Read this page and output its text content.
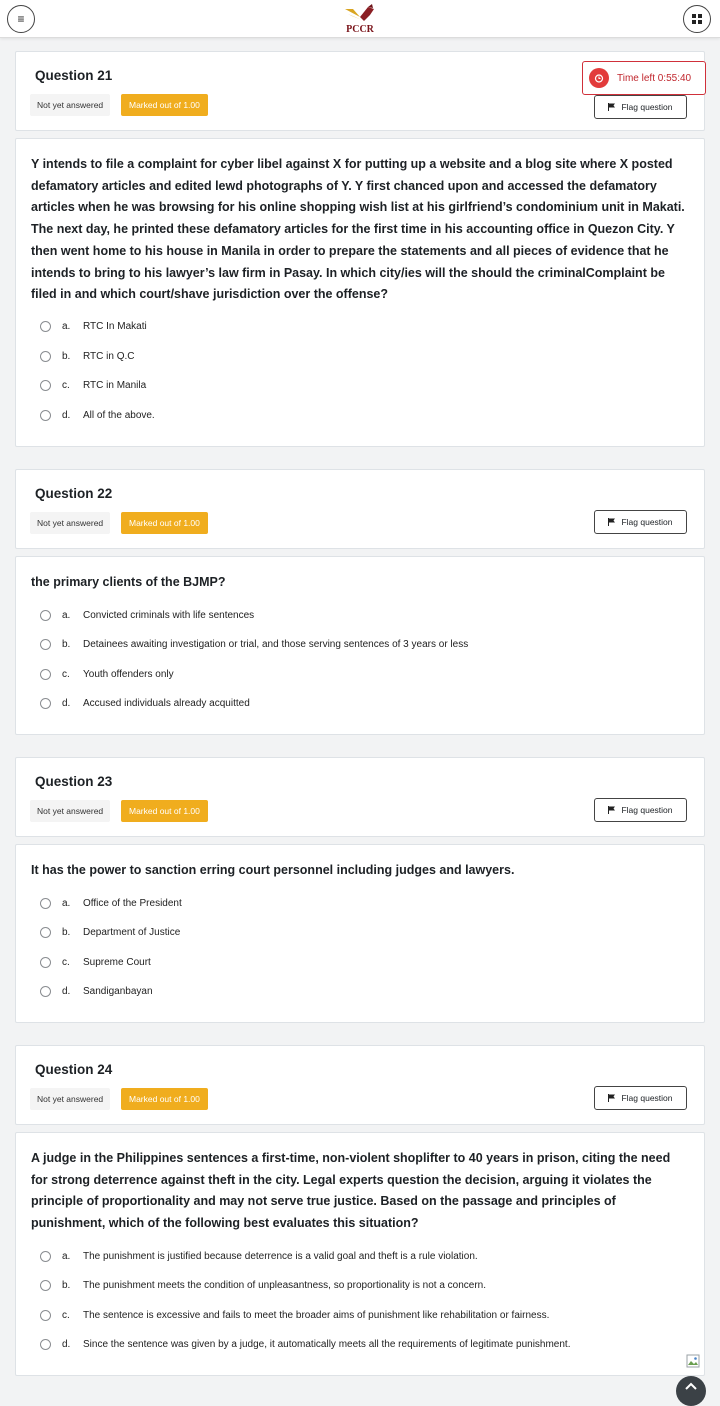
≡
PCCR
Question 21
Not yet answered	Marked out of 1.00
Time left 0:55:40
Flag question
Y intends to file a complaint for cyber libel against X for putting up a website and a blog site where X posted defamatory articles and edited lewd photographs of Y. Y first chanced upon and accessed the defamatory articles when he was browsing for his online shopping wish list at his girlfriend’s condominium unit in Makati. The next day, he printed these defamatory articles for the first time in his accounting office in Quezon City. Y then went home to his house in Manila in order to prepare the statements and all pieces of evidence that he intends to bring to his lawyer’s law firm in Pasay. In which city/ies will the should the criminalComplaint be filed in and which court/shave jurisdiction over the offense?
a.	RTC In Makati
b.	RTC in Q.C
c.	RTC in Manila
d.	All of the above.
Question 22
Not yet answered	Marked out of 1.00	Flag question
the primary clients of the BJMP?
a.	Convicted criminals with life sentences
b.	Detainees awaiting investigation or trial, and those serving sentences of 3 years or less
c.	Youth offenders only
d.	Accused individuals already acquitted
Question 23
Not yet answered	Marked out of 1.00	Flag question
It has the power to sanction erring court personnel including judges and lawyers.
a.	Office of the President
b.	Department of Justice
c.	Supreme Court
d.	Sandiganbayan
Question 24
Not yet answered	Marked out of 1.00	Flag question
A judge in the Philippines sentences a first-time, non-violent shoplifter to 40 years in prison, citing the need for strong deterrence against theft in the city. Legal experts question the decision, arguing it violates the principle of proportionality and may not serve true justice. Based on the passage and principles of punishment, which of the following best evaluates this situation?
a.	The punishment is justified because deterrence is a valid goal and theft is a rule violation.
b.	The punishment meets the condition of unpleasantness, so proportionality is not a concern.
c.	The sentence is excessive and fails to meet the broader aims of punishment like rehabilitation or fairness.
d.	Since the sentence was given by a judge, it automatically meets all the requirements of legitimate punishment.
